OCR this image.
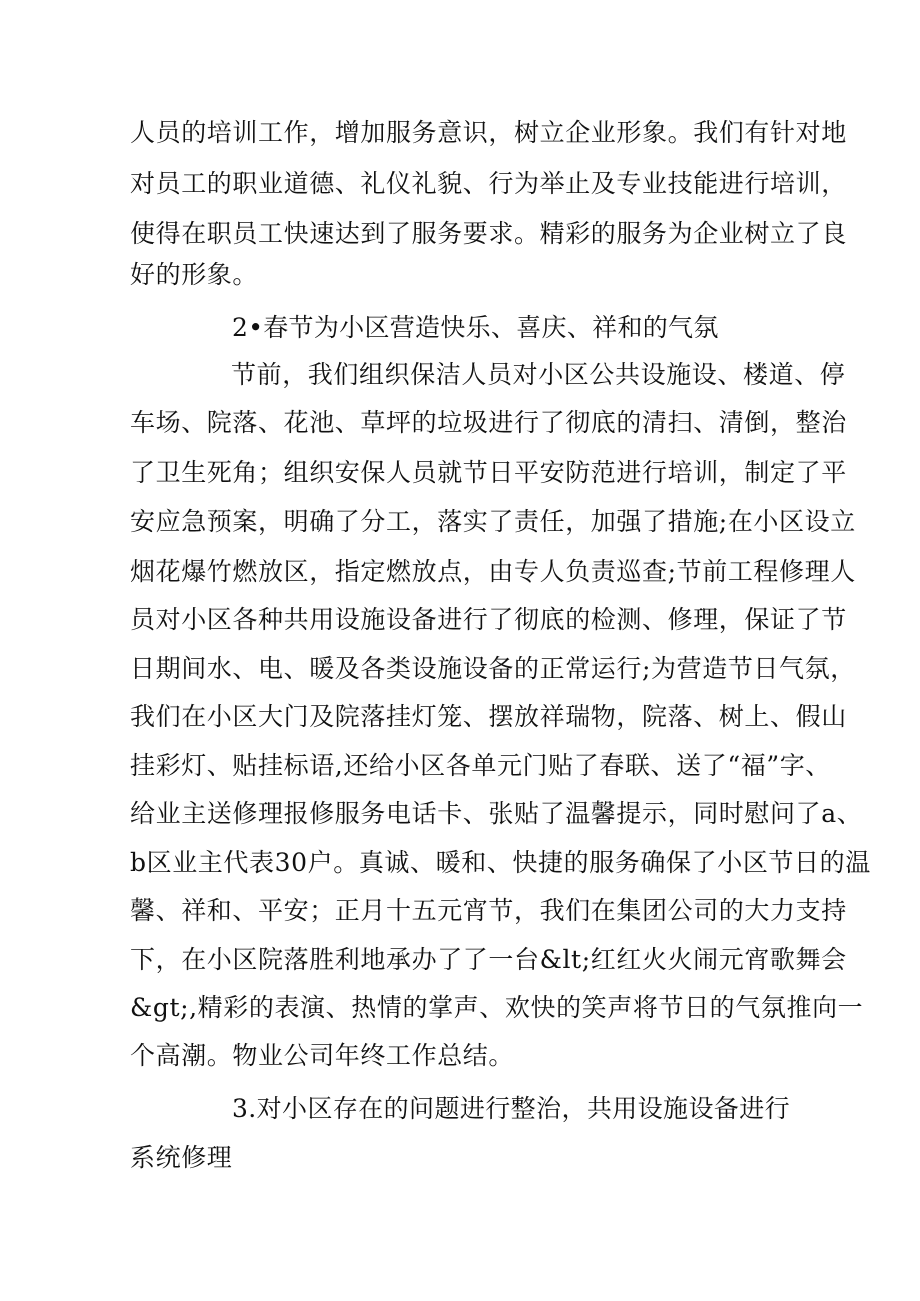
人员的培训工作，增加服务意识，树立企业形象。我们有针对地
对员工的职业道德、礼仪礼貌、行为举止及专业技能进行培训，
使得在职员工快速达到了服务要求。精彩的服务为企业树立了良
好的形象。
2•春节为小区营造快乐、喜庆、祥和的气氛
节前，我们组织保洁人员对小区公共设施设、楼道、停
车场、院落、花池、草坪的垃圾进行了彻底的清扫、清倒，整治
了卫生死角；组织安保人员就节日平安防范进行培训，制定了平
安应急预案，明确了分工，落实了责任，加强了措施;在小区设立
烟花爆竹燃放区，指定燃放点，由专人负责巡查;节前工程修理人
员对小区各种共用设施设备进行了彻底的检测、修理，保证了节
日期间水、电、暖及各类设施设备的正常运行;为营造节日气氛，
我们在小区大门及院落挂灯笼、摆放祥瑞物，院落、树上、假山
挂彩灯、贴挂标语,还给小区各单元门贴了春联、送了“福”字、
给业主送修理报修服务电话卡、张贴了温馨提示，同时慰问了a、
b区业主代表30户。真诚、暖和、快捷的服务确保了小区节日的温
馨、祥和、平安；正月十五元宵节，我们在集团公司的大力支持
下，在小区院落胜利地承办了了一台&lt;红红火火闹元宵歌舞会
&gt;,精彩的表演、热情的掌声、欢快的笑声将节日的气氛推向一
个高潮。物业公司年终工作总结。
3.对小区存在的问题进行整治，共用设施设备进行
系统修理
